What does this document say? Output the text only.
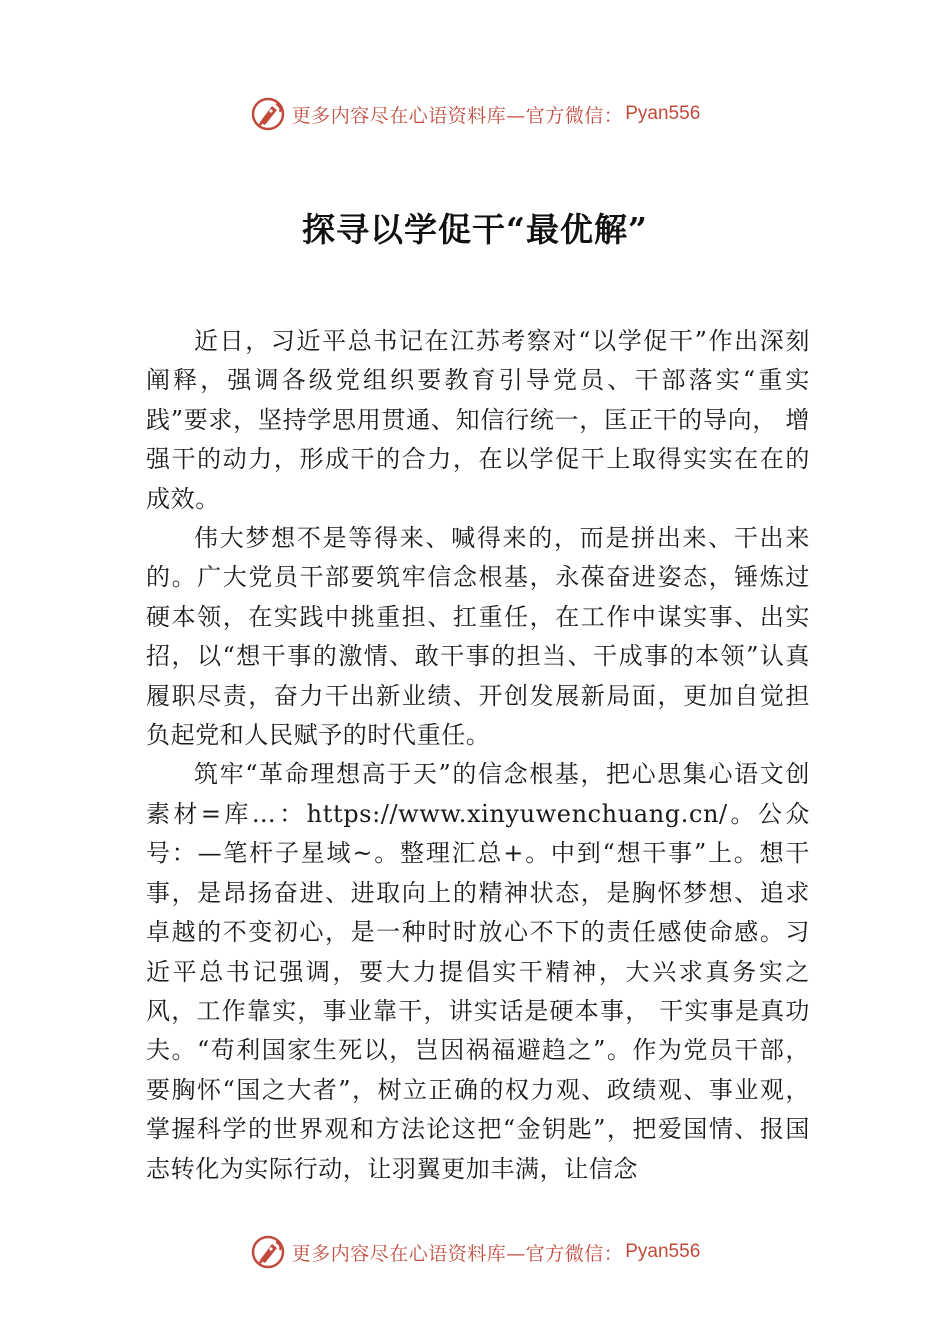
更多内容尽在心语资料库—官方微信： Pyan556
探寻以学促干“最优解”

近日，习近平总书记在江苏考察对“以学促干”作出深刻阐释，强调各级党组织要教育引导党员、干部落实“重实践”要求，坚持学思用贯通、知信行统一，匡正干的导向， 增强干的动力，形成干的合力，在以学促干上取得实实在在的成效。

伟大梦想不是等得来、喊得来的，而是拼出来、干出来的。广大党员干部要筑牢信念根基，永葆奋进姿态，锤炼过硬本领，在实践中挑重担、扛重任，在工作中谋实事、出实招，以“想干事的激情、敢干事的担当、干成事的本领”认真履职尽责，奋力干出新业绩、开创发展新局面，更加自觉担负起党和人民赋予的时代重任。

筑牢“革命理想高于天”的信念根基，把心思集心语文创素材=库…：https://www.xinyuwenchuang.cn/。公众号：—笔杆子星域~。整理汇总+。中到“想干事”上。想干事，是昂扬奋进、进取向上的精神状态，是胸怀梦想、追求卓越的不变初心，是一种时时放心不下的责任感使命感。习近平总书记强调，要大力提倡实干精神，大兴求真务实之风，工作靠实，事业靠干，讲实话是硬本事， 干实事是真功夫。“苟利国家生死以，岂因祸福避趋之”。作为党员干部，要胸怀“国之大者”，树立正确的权力观、政绩观、事业观，掌握科学的世界观和方法论这把“金钥匙”，把爱国情、报国志转化为实际行动，让羽翼更加丰满，让信念

更多内容尽在心语资料库—官方微信： Pyan556
